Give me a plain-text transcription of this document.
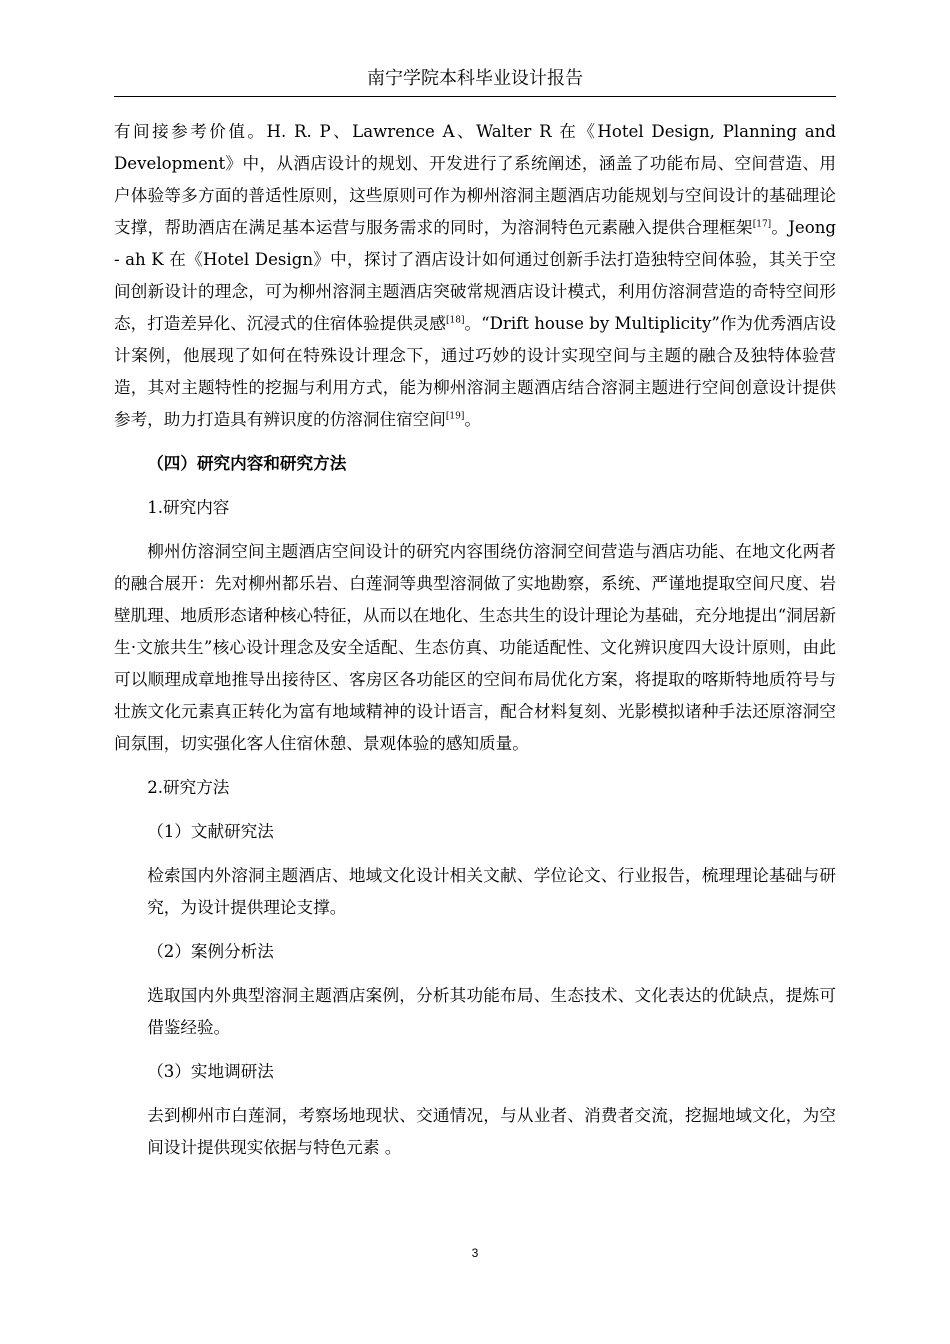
南宁学院本科毕业设计报告

有间接参考价值。H. R. P、Lawrence A、Walter R 在《Hotel Design, Planning and Development》中，从酒店设计的规划、开发进行了系统阐述，涵盖了功能布局、空间营造、用户体验等多方面的普适性原则，这些原则可作为柳州溶洞主题酒店功能规划与空间设计的基础理论支撑，帮助酒店在满足基本运营与服务需求的同时，为溶洞特色元素融入提供合理框架[17]。Jeong - ah K 在《Hotel Design》中，探讨了酒店设计如何通过创新手法打造独特空间体验，其关于空间创新设计的理念，可为柳州溶洞主题酒店突破常规酒店设计模式，利用仿溶洞营造的奇特空间形态，打造差异化、沉浸式的住宿体验提供灵感[18]。“Drift house by Multiplicity”作为优秀酒店设计案例，他展现了如何在特殊设计理念下，通过巧妙的设计实现空间与主题的融合及独特体验营造，其对主题特性的挖掘与利用方式，能为柳州溶洞主题酒店结合溶洞主题进行空间创意设计提供参考，助力打造具有辨识度的仿溶洞住宿空间[19]。

（四）研究内容和研究方法

1.研究内容

柳州仿溶洞空间主题酒店空间设计的研究内容围绕仿溶洞空间营造与酒店功能、在地文化两者的融合展开：先对柳州都乐岩、白莲洞等典型溶洞做了实地勘察，系统、严谨地提取空间尺度、岩壁肌理、地质形态诸种核心特征，从而以在地化、生态共生的设计理论为基础，充分地提出“洞居新生·文旅共生”核心设计理念及安全适配、生态仿真、功能适配性、文化辨识度四大设计原则，由此可以顺理成章地推导出接待区、客房区各功能区的空间布局优化方案，将提取的喀斯特地质符号与壮族文化元素真正转化为富有地域精神的设计语言，配合材料复刻、光影模拟诸种手法还原溶洞空间氛围，切实强化客人住宿休憩、景观体验的感知质量。

2.研究方法

（1）文献研究法

检索国内外溶洞主题酒店、地域文化设计相关文献、学位论文、行业报告，梳理理论基础与研究，为设计提供理论支撑。

（2）案例分析法

选取国内外典型溶洞主题酒店案例，分析其功能布局、生态技术、文化表达的优缺点，提炼可借鉴经验。

（3）实地调研法

去到柳州市白莲洞，考察场地现状、交通情况，与从业者、消费者交流，挖掘地域文化，为空间设计提供现实依据与特色元素 。

3
